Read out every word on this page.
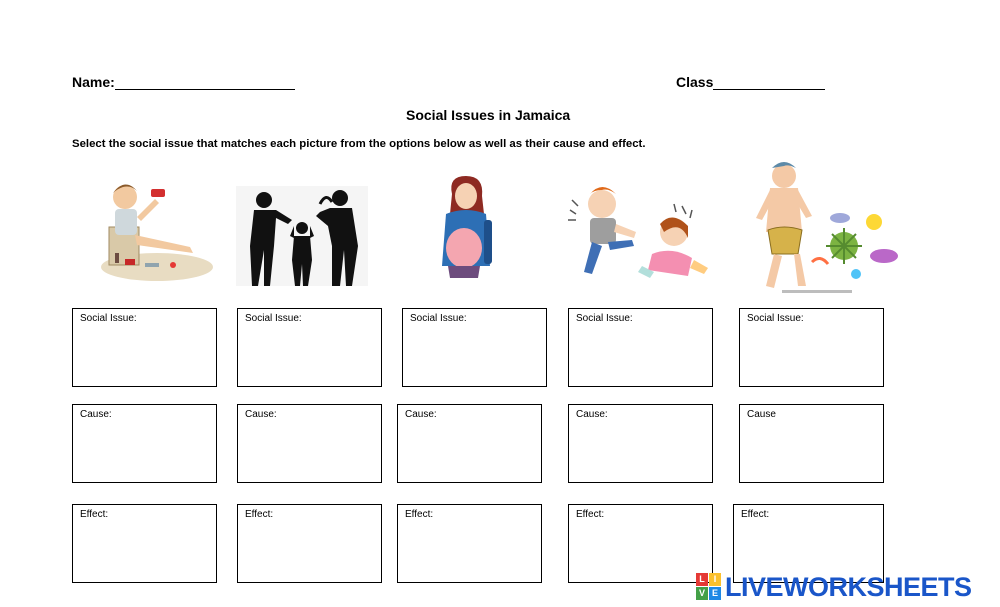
Name:	Class
Social Issues in Jamaica
Select the social issue that matches each picture from the options below as well as their cause and effect.
Social Issue:
Cause:
Effect:
Social Issue:
Cause:
Effect:
Social Issue:
Cause:
Effect:
Social Issue:
Cause:
Effect:
Social Issue:
Cause
Effect:
L I
V E LIVEWORKSHEETS
